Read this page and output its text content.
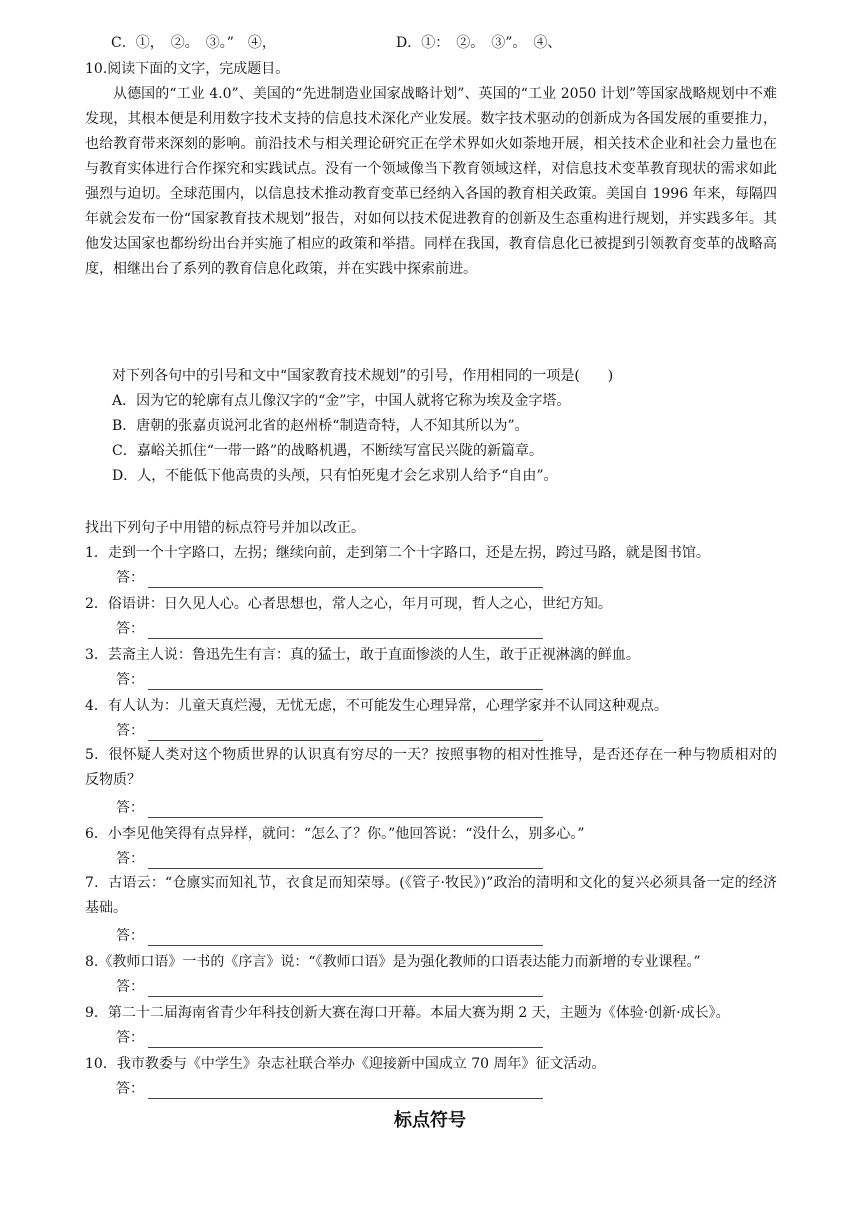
C．①，　②。　③。”　④，	D．①：　②。　③”。　④、
10.阅读下面的文字，完成题目。
从德国的“工业 4.0”、美国的“先进制造业国家战略计划”、英国的“工业 2050 计划”等国家战略规划中不难发现，其根本便是利用数字技术支持的信息技术深化产业发展。数字技术驱动的创新成为各国发展的重要推力，也给教育带来深刻的影响。前沿技术与相关理论研究正在学术界如火如荼地开展，相关技术企业和社会力量也在与教育实体进行合作探究和实践试点。没有一个领域像当下教育领域这样，对信息技术变革教育现状的需求如此强烈与迫切。全球范围内，以信息技术推动教育变革已经纳入各国的教育相关政策。美国自 1996 年来，每隔四年就会发布一份“国家教育技术规划”报告，对如何以技术促进教育的创新及生态重构进行规划，并实践多年。其他发达国家也都纷纷出台并实施了相应的政策和举措。同样在我国，教育信息化已被提到引领教育变革的战略高度，相继出台了系列的教育信息化政策，并在实践中探索前进。
对下列各句中的引号和文中“国家教育技术规划”的引号，作用相同的一项是(　　)
A．因为它的轮廓有点儿像汉字的“金”字，中国人就将它称为埃及金字塔。
B．唐朝的张嘉贞说河北省的赵州桥“制造奇特，人不知其所以为”。
C．嘉峪关抓住“一带一路”的战略机遇，不断续写富民兴陇的新篇章。
D．人，不能低下他高贵的头颅，只有怕死鬼才会乞求别人给予“自由”。
找出下列句子中用错的标点符号并加以改正。
1．走到一个十字路口，左拐；继续向前，走到第二个十字路口，还是左拐，跨过马路，就是图书馆。
答：
2．俗语讲：日久见人心。心者思想也，常人之心，年月可现，哲人之心，世纪方知。
答：
3．芸斋主人说：鲁迅先生有言：真的猛士，敢于直面惨淡的人生，敢于正视淋漓的鲜血。
答：
4．有人认为：儿童天真烂漫，无忧无虑，不可能发生心理异常，心理学家并不认同这种观点。
答：
5．很怀疑人类对这个物质世界的认识真有穷尽的一天？按照事物的相对性推导，是否还存在一种与物质相对的反物质？
答：
6．小李见他笑得有点异样，就问：“怎么了？你。”他回答说：“没什么，别多心。”
答：
7．古语云：“仓廪实而知礼节，衣食足而知荣辱。(《管子·牧民》)”政治的清明和文化的复兴必须具备一定的经济基础。
答：
8.《教师口语》一书的《序言》说：“《教师口语》是为强化教师的口语表达能力而新增的专业课程。”
答：
9．第二十二届海南省青少年科技创新大赛在海口开幕。本届大赛为期 2 天，主题为《体验·创新·成长》。
答：
10．我市教委与《中学生》杂志社联合举办《迎接新中国成立 70 周年》征文活动。
答：
标点符号
